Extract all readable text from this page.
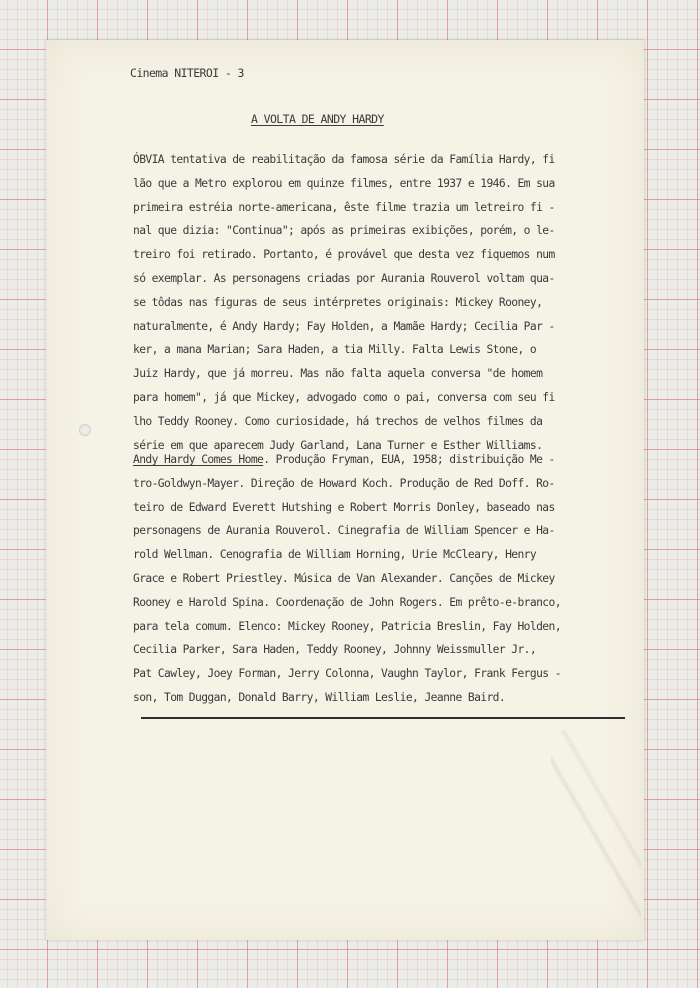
Cinema NITEROI - 3

A VOLTA DE ANDY HARDY

ÓBVIA tentativa de reabilitação da famosa série da Família Hardy, fi
lão que a Metro explorou em quinze filmes, entre 1937 e 1946. Em sua
primeira estréia norte-americana, êste filme trazia um letreiro fi -
nal que dizia: "Continua"; após as primeiras exibições, porém, o le-
treiro foi retirado. Portanto, é provável que desta vez fiquemos num
só exemplar. As personagens criadas por Aurania Rouverol voltam qua-
se tôdas nas figuras de seus intérpretes originais: Mickey Rooney,
naturalmente, é Andy Hardy; Fay Holden, a Mamãe Hardy; Cecilia Par -
ker, a mana Marian; Sara Haden, a tia Milly. Falta Lewis Stone, o
Juiz Hardy, que já morreu. Mas não falta aquela conversa "de homem
para homem", já que Mickey, advogado como o pai, conversa com seu fi
lho Teddy Rooney. Como curiosidade, há trechos de velhos filmes da
série em que aparecem Judy Garland, Lana Turner e Esther Williams.
Andy Hardy Comes Home. Produção Fryman, EUA, 1958; distribuição Me -
tro-Goldwyn-Mayer. Direção de Howard Koch. Produção de Red Doff. Ro-
teiro de Edward Everett Hutshing e Robert Morris Donley, baseado nas
personagens de Aurania Rouverol. Cinegrafia de William Spencer e Ha-
rold Wellman. Cenografia de William Horning, Urie McCleary, Henry
Grace e Robert Priestley. Música de Van Alexander. Canções de Mickey
Rooney e Harold Spina. Coordenação de John Rogers. Em prêto-e-branco,
para tela comum. Elenco: Mickey Rooney, Patricia Breslin, Fay Holden,
Cecilia Parker, Sara Haden, Teddy Rooney, Johnny Weissmuller Jr.,
Pat Cawley, Joey Forman, Jerry Colonna, Vaughn Taylor, Frank Fergus -
son, Tom Duggan, Donald Barry, William Leslie, Jeanne Baird.
